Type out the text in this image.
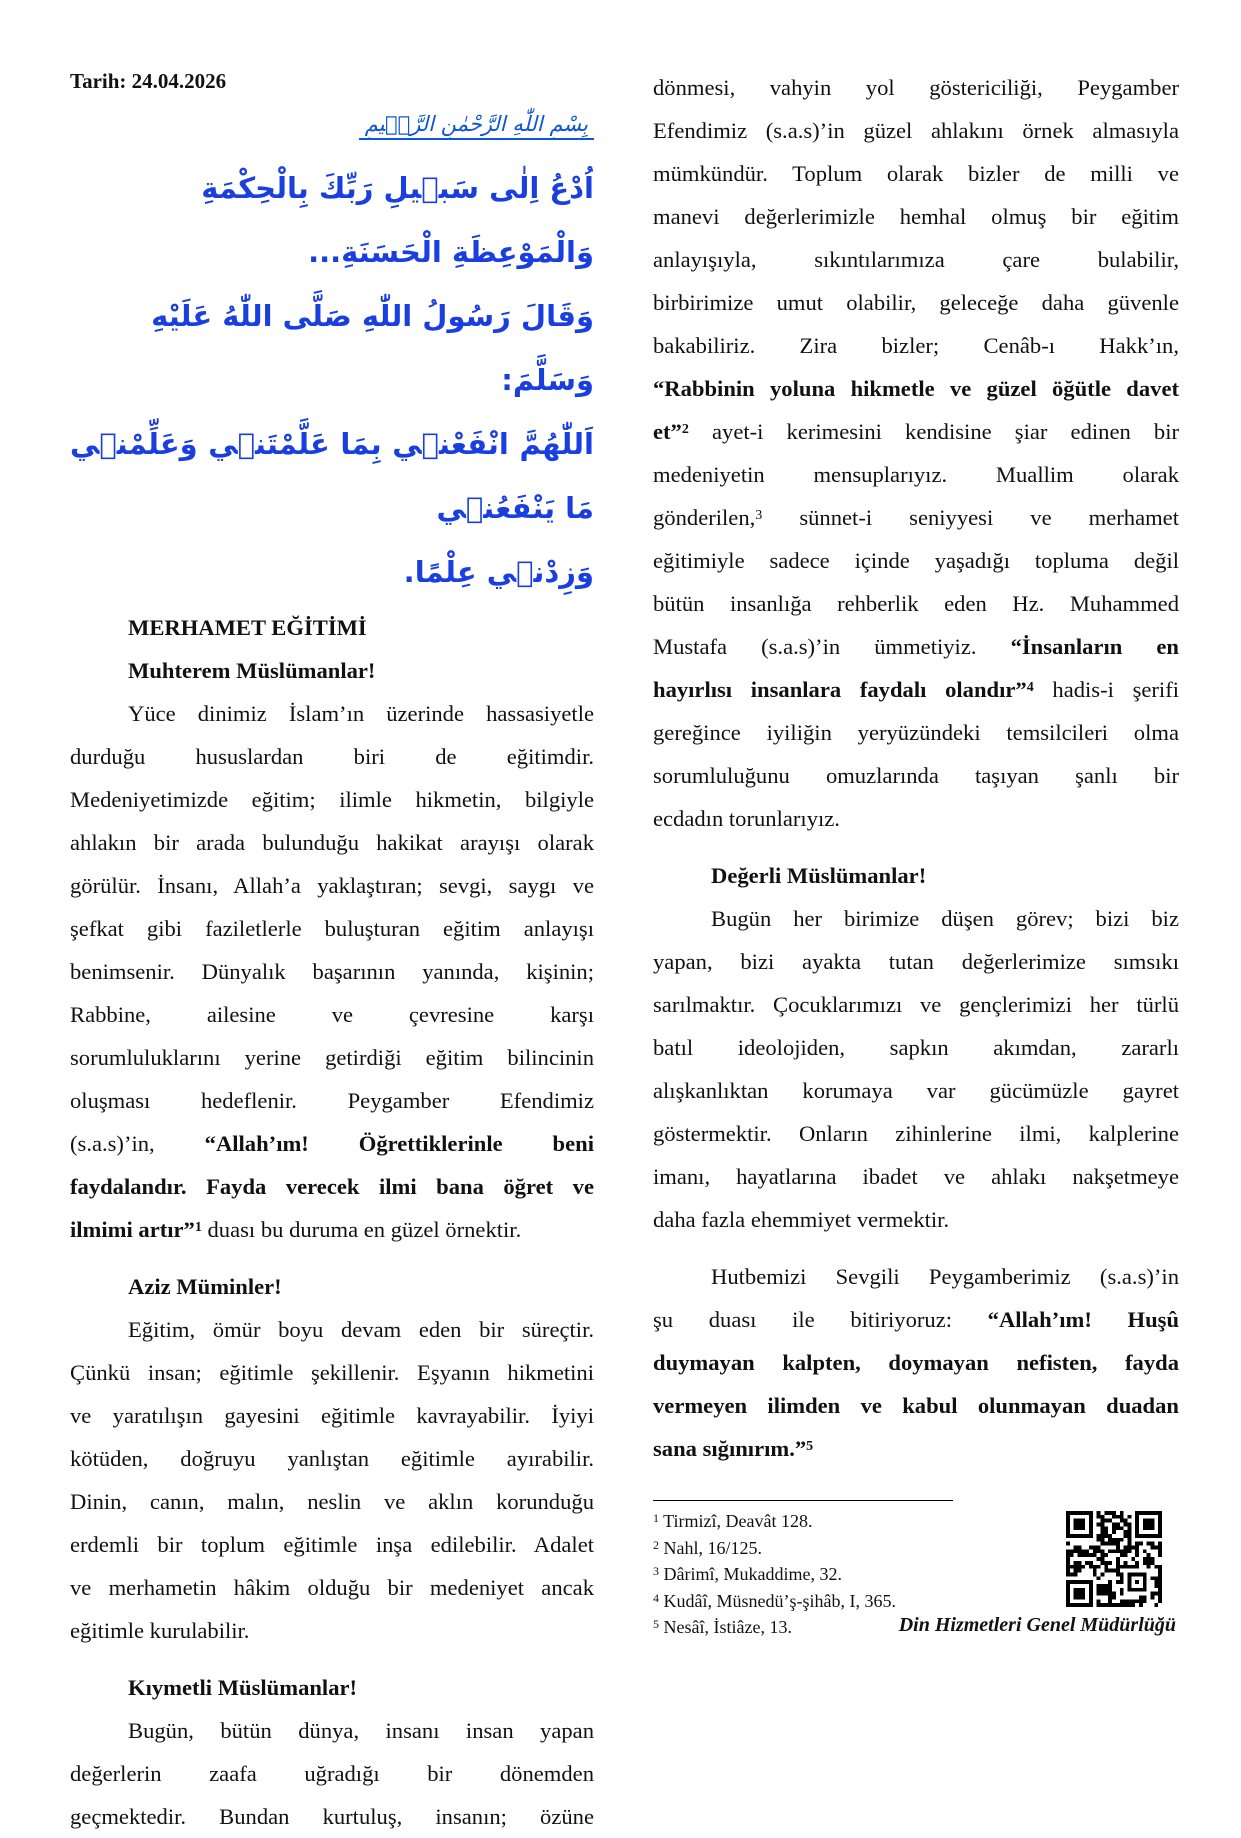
Tarih: 24.04.2026

بِسْمِ اللّٰهِ الرَّحْمٰنِ الرَّح۪يمِ

اُدْعُ اِلٰى سَب۪يلِ رَبِّكَ بِالْحِكْمَةِ وَالْمَوْعِظَةِ الْحَسَنَةِ...

وَقَالَ رَسُولُ اللّٰهِ صَلَّى اللّٰهُ عَلَيْهِ وَسَلَّمَ:

اَللّٰهُمَّ انْفَعْن۪ي بِمَا عَلَّمْتَن۪ي وَعَلِّمْن۪ي مَا يَنْفَعُن۪ي

وَزِدْن۪ي عِلْمًا.

MERHAMET EĞİTİMİ

Muhterem Müslümanlar!

Yüce dinimiz İslam’ın üzerinde hassasiyetle

durduğu hususlardan biri de eğitimdir.

Medeniyetimizde eğitim; ilimle hikmetin, bilgiyle

ahlakın bir arada bulunduğu hakikat arayışı olarak

görülür. İnsanı, Allah’a yaklaştıran; sevgi, saygı ve

şefkat gibi faziletlerle buluşturan eğitim anlayışı

benimsenir. Dünyalık başarının yanında, kişinin;

Rabbine, ailesine ve çevresine karşı

sorumluluklarını yerine getirdiği eğitim bilincinin

oluşması hedeflenir. Peygamber Efendimiz

(s.a.s)’in, “Allah’ım! Öğrettiklerinle beni

faydalandır. Fayda verecek ilmi bana öğret ve

ilmimi artır”$^1$ duası bu duruma en güzel örnektir.

Aziz Müminler!

Eğitim, ömür boyu devam eden bir süreçtir.

Çünkü insan; eğitimle şekillenir. Eşyanın hikmetini

ve yaratılışın gayesini eğitimle kavrayabilir. İyiyi

kötüden, doğruyu yanlıştan eğitimle ayırabilir.

Dinin, canın, malın, neslin ve aklın korunduğu

erdemli bir toplum eğitimle inşa edilebilir. Adalet

ve merhametin hâkim olduğu bir medeniyet ancak

eğitimle kurulabilir.

Kıymetli Müslümanlar!

Bugün, bütün dünya, insanı insan yapan

değerlerin zaafa uğradığı bir dönemden

geçmektedir. Bundan kurtuluş, insanın; özüne

dönmesi, vahyin yol göstericiliği, Peygamber

Efendimiz (s.a.s)’in güzel ahlakını örnek almasıyla

mümkündür. Toplum olarak bizler de milli ve

manevi değerlerimizle hemhal olmuş bir eğitim

anlayışıyla, sıkıntılarımıza çare bulabilir,

birbirimize umut olabilir, geleceğe daha güvenle

bakabiliriz. Zira bizler; Cenâb-ı Hakk’ın,

“Rabbinin yoluna hikmetle ve güzel öğütle davet

et”$^2$ ayet-i kerimesini kendisine şiar edinen bir

medeniyetin mensuplarıyız. Muallim olarak

gönderilen,$^3$ sünnet-i seniyyesi ve merhamet

eğitimiyle sadece içinde yaşadığı topluma değil

bütün insanlığa rehberlik eden Hz. Muhammed

Mustafa (s.a.s)’in ümmetiyiz. “İnsanların en

hayırlısı insanlara faydalı olandır”$^4$ hadis-i şerifi

gereğince iyiliğin yeryüzündeki temsilcileri olma

sorumluluğunu omuzlarında taşıyan şanlı bir

ecdadın torunlarıyız.

Değerli Müslümanlar!

Bugün her birimize düşen görev; bizi biz

yapan, bizi ayakta tutan değerlerimize sımsıkı

sarılmaktır. Çocuklarımızı ve gençlerimizi her türlü

batıl ideolojiden, sapkın akımdan, zararlı

alışkanlıktan korumaya var gücümüzle gayret

göstermektir. Onların zihinlerine ilmi, kalplerine

imanı, hayatlarına ibadet ve ahlakı nakşetmeye

daha fazla ehemmiyet vermektir.

Hutbemizi Sevgili Peygamberimiz (s.a.s)’in

şu duası ile bitiriyoruz: “Allah’ım! Huşû

duymayan kalpten, doymayan nefisten, fayda

vermeyen ilimden ve kabul olunmayan duadan

sana sığınırım.”$^5$

$^1$ Tirmizî, Deavât 128.
$^2$ Nahl, 16/125.
$^3$ Dârimî, Mukaddime, 32.
$^4$ Kudâî, Müsnedü’ş-şihâb, I, 365.
$^5$ Nesâî, İstiâze, 13.	Din Hizmetleri Genel Müdürlüğü
